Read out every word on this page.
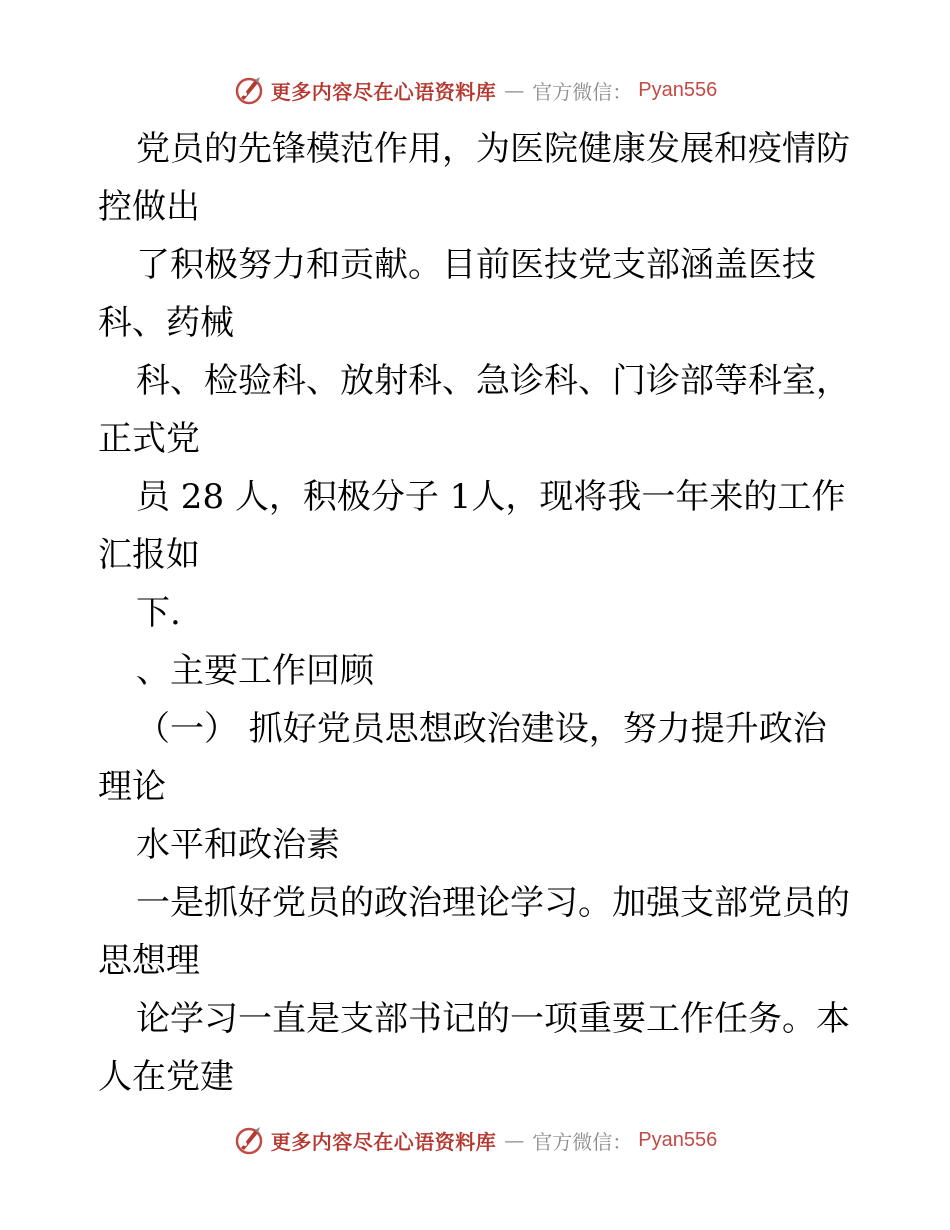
更多内容尽在心语资料库 — 官方微信： Pyan556
党员的先锋模范作用，为医院健康发展和疫情防
控做出
了积极努力和贡献。目前医技党支部涵盖医技
科、药械
科、检验科、放射科、急诊科、门诊部等科室，
正式党
员 28 人，积极分子 1人，现将我一年来的工作
汇报如
下.
、主要工作回顾
（一） 抓好党员思想政治建设，努力提升政治
理论
水平和政治素
一是抓好党员的政治理论学习。加强支部党员的
思想理
论学习一直是支部书记的一项重要工作任务。本
人在党建
更多内容尽在心语资料库 — 官方微信： Pyan556
